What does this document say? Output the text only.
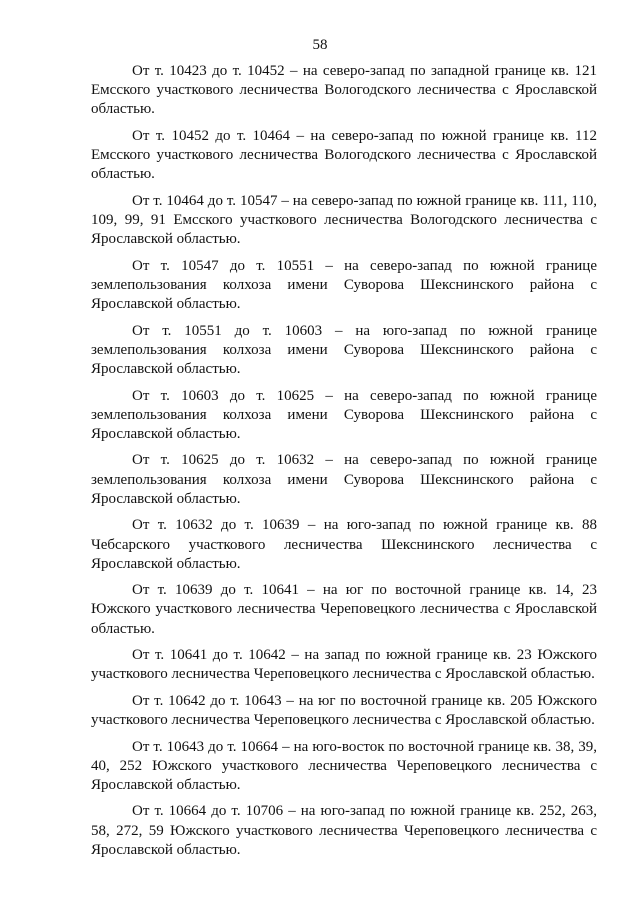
58

От т. 10423 до т. 10452 – на северо-запад по западной границе кв. 121 Емсского участкового лесничества Вологодского лесничества с Ярославской областью.

От т. 10452 до т. 10464 – на северо-запад по южной границе кв. 112 Емсского участкового лесничества Вологодского лесничества с Ярославской областью.

От т. 10464 до т. 10547 – на северо-запад по южной границе кв. 111, 110, 109, 99, 91 Емсского участкового лесничества Вологодского лесничества с Ярославской областью.

От т. 10547 до т. 10551 – на северо-запад по южной границе землепользования колхоза имени Суворова Шекснинского района с Ярославской областью.

От т. 10551 до т. 10603 – на юго-запад по южной границе землепользования колхоза имени Суворова Шекснинского района с Ярославской областью.

От т. 10603 до т. 10625 – на северо-запад по южной границе землепользования колхоза имени Суворова Шекснинского района с Ярославской областью.

От т. 10625 до т. 10632 – на северо-запад по южной границе землепользования колхоза имени Суворова Шекснинского района с Ярославской областью.

От т. 10632 до т. 10639 – на юго-запад по южной границе кв. 88 Чебсарского участкового лесничества Шекснинского лесничества с Ярославской областью.

От т. 10639 до т. 10641 – на юг по восточной границе кв. 14, 23 Южского участкового лесничества Череповецкого лесничества с Ярославской областью.

От т. 10641 до т. 10642 – на запад по южной границе кв. 23 Южского участкового лесничества Череповецкого лесничества с Ярославской областью.

От т. 10642 до т. 10643 – на юг по восточной границе кв. 205 Южского участкового лесничества Череповецкого лесничества с Ярославской областью.

От т. 10643 до т. 10664 – на юго-восток по восточной границе кв. 38, 39, 40, 252 Южского участкового лесничества Череповецкого лесничества с Ярославской областью.

От т. 10664 до т. 10706 – на юго-запад по южной границе кв. 252, 263, 58, 272, 59 Южского участкового лесничества Череповецкого лесничества с Ярославской областью.
